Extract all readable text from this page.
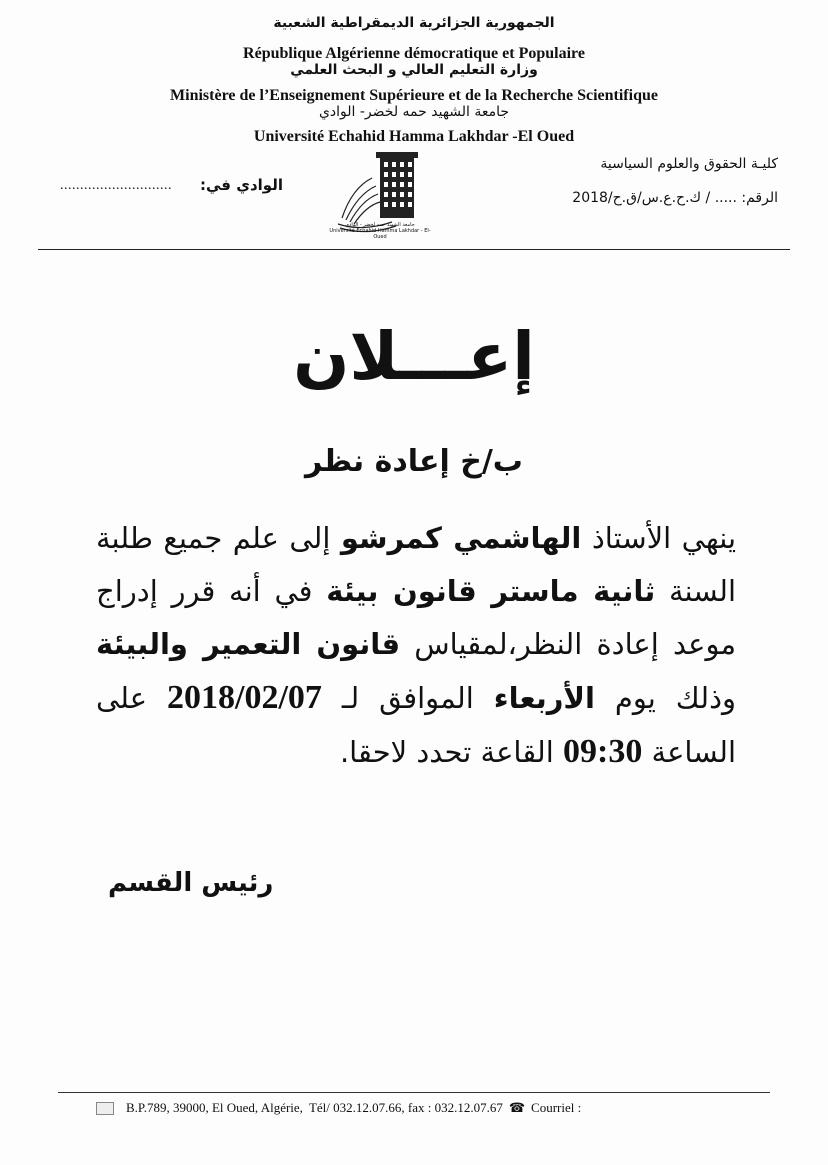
الجمهورية الجزائرية الديمقراطية الشعبية
République Algérienne démocratique et Populaire
وزارة التعليم العالي و البحث العلمي
Ministère de l’Enseignement Supérieure et de la Recherche Scientifique
جامعة الشهيد حمه لخضر- الوادي
Université Echahid Hamma Lakhdar -El Oued
كليـة الحقوق والعلوم السياسية
الرقم: ..... / ك.ح.ع.س/ق.ح/2018
الوادي في:
............................
جامعة الشهيد حمه لخضر - الوادي
Université Echahid Hamma Lakhdar - El-Oued
إعـــلان
ب/خ إعادة نظر
ينهي الأستاذ الهاشمي كمرشو إلى علم جميع طلبة السنة ثانية ماستر قانون بيئة في أنه قرر إدراج موعد إعادة النظر،لمقياس قانون التعمير والبيئة وذلك يوم الأربعاء الموافق لـ 2018/02/07 على الساعة 09:30 القاعة تحدد لاحقا.
رئيس القسم
B.P.789, 39000, El Oued, Algérie, Tél/ 032.12.07.66, fax : 032.12.07.67 ☎ Courriel :
